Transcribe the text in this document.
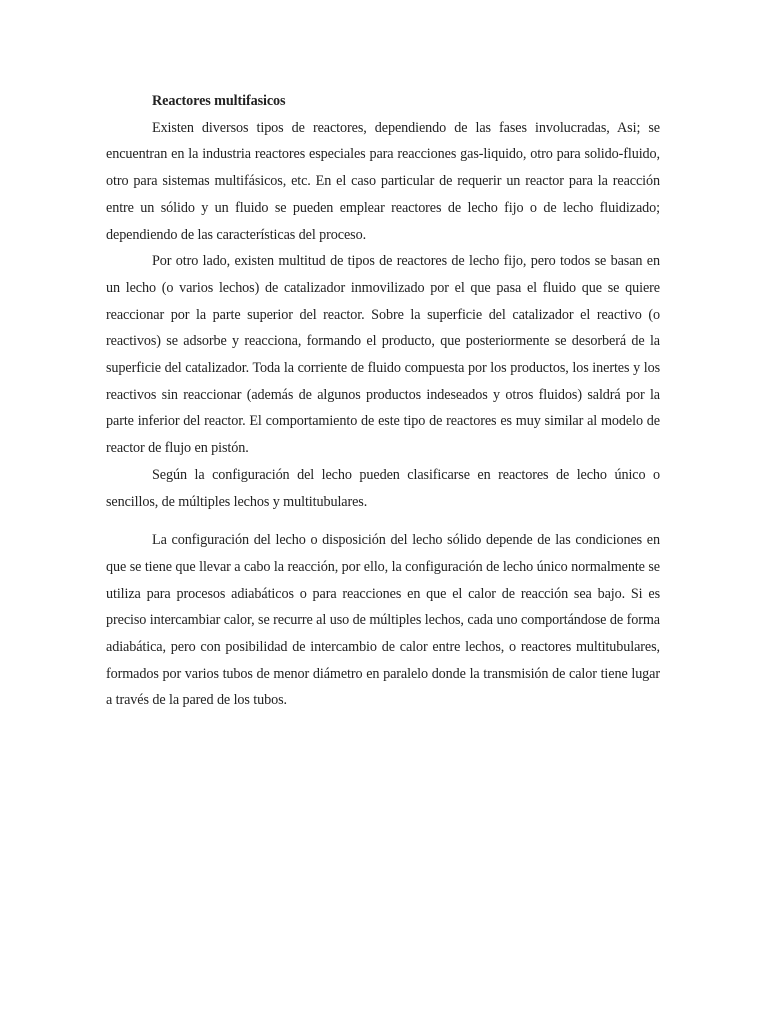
Reactores multifasicos

Existen diversos tipos de reactores, dependiendo de las fases involucradas, Asi; se encuentran en la industria reactores especiales para reacciones gas-liquido, otro para solido-fluido, otro para sistemas multifásicos, etc. En el caso particular de requerir un reactor para la reacción entre un sólido y un fluido se pueden emplear reactores de lecho fijo o de lecho fluidizado; dependiendo de las características del proceso.

Por otro lado, existen multitud de tipos de reactores de lecho fijo, pero todos se basan en un lecho (o varios lechos) de catalizador inmovilizado por el que pasa el fluido que se quiere reaccionar por la parte superior del reactor. Sobre la superficie del catalizador el reactivo (o reactivos) se adsorbe y reacciona, formando el producto, que posteriormente se desorberá de la superficie del catalizador. Toda la corriente de fluido compuesta por los productos, los inertes y los reactivos sin reaccionar (además de algunos productos indeseados y otros fluidos) saldrá por la parte inferior del reactor. El comportamiento de este tipo de reactores es muy similar al modelo de reactor de flujo en pistón.

Según la configuración del lecho pueden clasificarse en reactores de lecho único o sencillos, de múltiples lechos y multitubulares.

La configuración del lecho o disposición del lecho sólido depende de las condiciones en que se tiene que llevar a cabo la reacción, por ello, la configuración de lecho único normalmente se utiliza para procesos adiabáticos o para reacciones en que el calor de reacción sea bajo. Si es preciso intercambiar calor, se recurre al uso de múltiples lechos, cada uno comportándose de forma adiabática, pero con posibilidad de intercambio de calor entre lechos, o reactores multitubulares, formados por varios tubos de menor diámetro en paralelo donde la transmisión de calor tiene lugar a través de la pared de los tubos.
